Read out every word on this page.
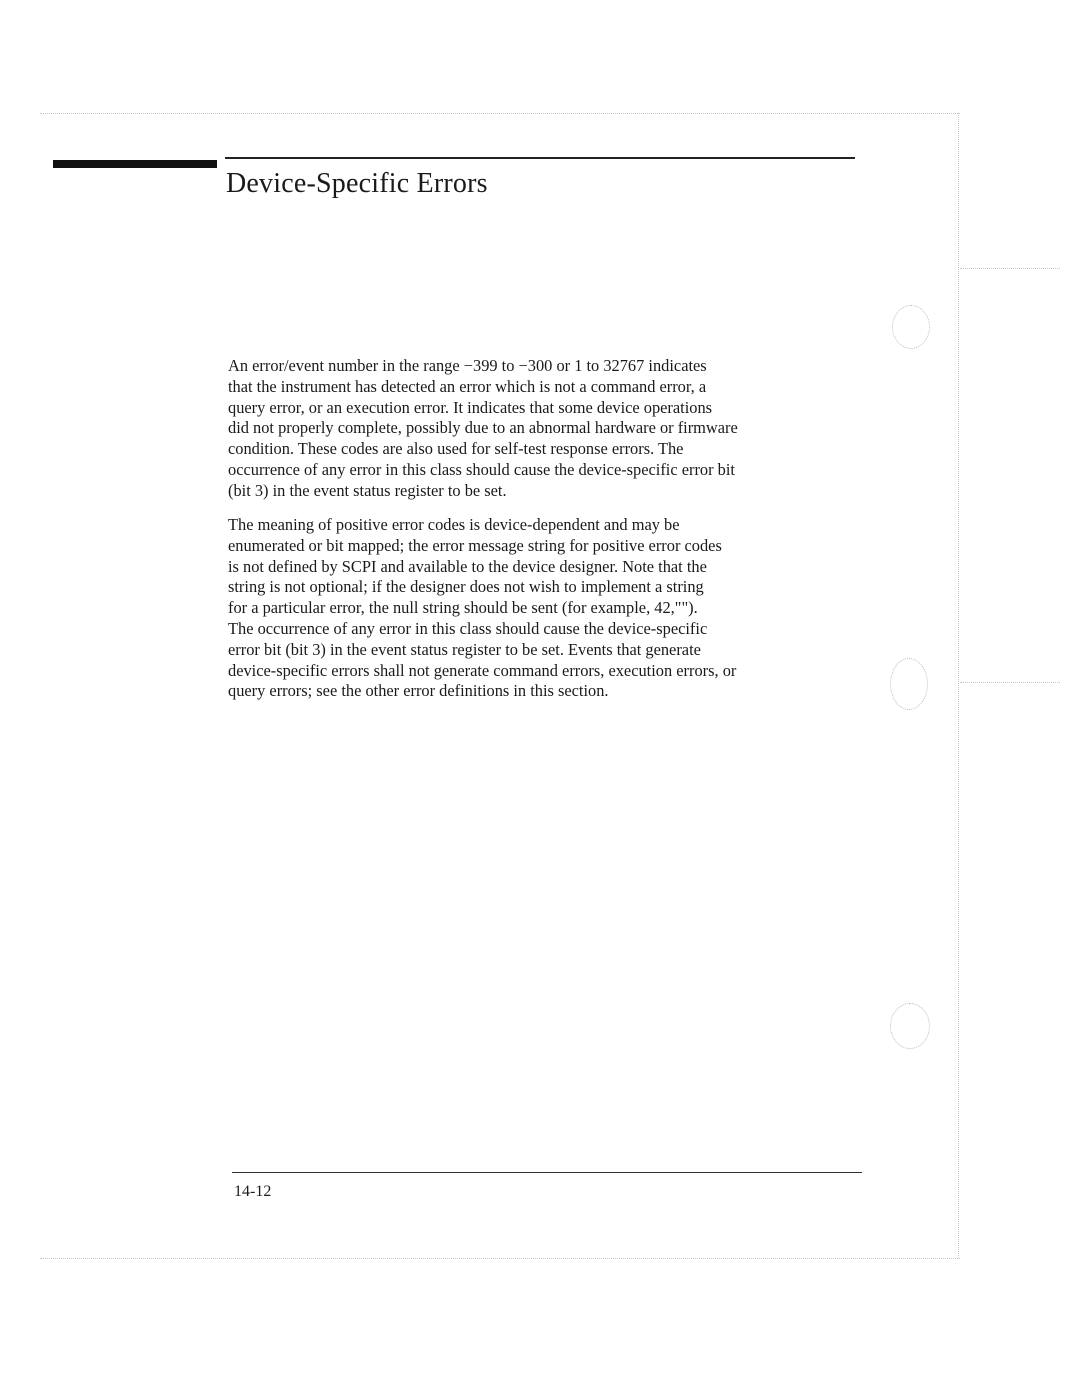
Device-Specific Errors

An error/event number in the range −399 to −300 or 1 to 32767 indicates
that the instrument has detected an error which is not a command error, a
query error, or an execution error. It indicates that some device operations
did not properly complete, possibly due to an abnormal hardware or firmware
condition. These codes are also used for self-test response errors. The
occurrence of any error in this class should cause the device-specific error bit
(bit 3) in the event status register to be set.

The meaning of positive error codes is device-dependent and may be
enumerated or bit mapped; the error message string for positive error codes
is not defined by SCPI and available to the device designer. Note that the
string is not optional; if the designer does not wish to implement a string
for a particular error, the null string should be sent (for example, 42,"").
The occurrence of any error in this class should cause the device-specific
error bit (bit 3) in the event status register to be set. Events that generate
device-specific errors shall not generate command errors, execution errors, or
query errors; see the other error definitions in this section.

14-12
